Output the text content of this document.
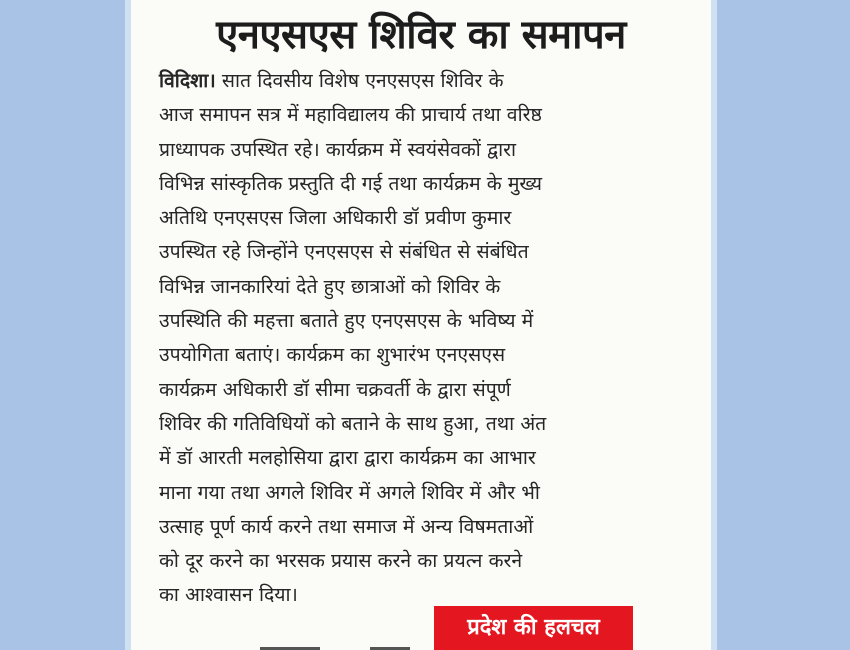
एनएसएस शिविर का समापन

विदिशा। सात दिवसीय विशेष एनएसएस शिविर के

आज समापन सत्र में महाविद्यालय की प्राचार्य तथा वरिष्ठ

प्राध्यापक उपस्थित रहे। कार्यक्रम में स्वयंसेवकों द्वारा

विभिन्न सांस्कृतिक प्रस्तुति दी गई तथा कार्यक्रम के मुख्य

अतिथि एनएसएस जिला अधिकारी डॉ प्रवीण कुमार

उपस्थित रहे जिन्होंने एनएसएस से संबंधित से संबंधित

विभिन्न जानकारियां देते हुए छात्राओं को शिविर के

उपस्थिति की महत्ता बताते हुए एनएसएस के भविष्य में

उपयोगिता बताएं। कार्यक्रम का शुभारंभ एनएसएस

कार्यक्रम अधिकारी डॉ सीमा चक्रवर्ती के द्वारा संपूर्ण

शिविर की गतिविधियों को बताने के साथ हुआ, तथा अंत

में डॉ आरती मलहोसिया द्वारा द्वारा कार्यक्रम का आभार

माना गया तथा अगले शिविर में अगले शिविर में और भी

उत्साह पूर्ण कार्य करने तथा समाज में अन्य विषमताओं

को दूर करने का भरसक प्रयास करने का प्रयत्न करने

का आश्वासन दिया।

प्रदेश की हलचल
